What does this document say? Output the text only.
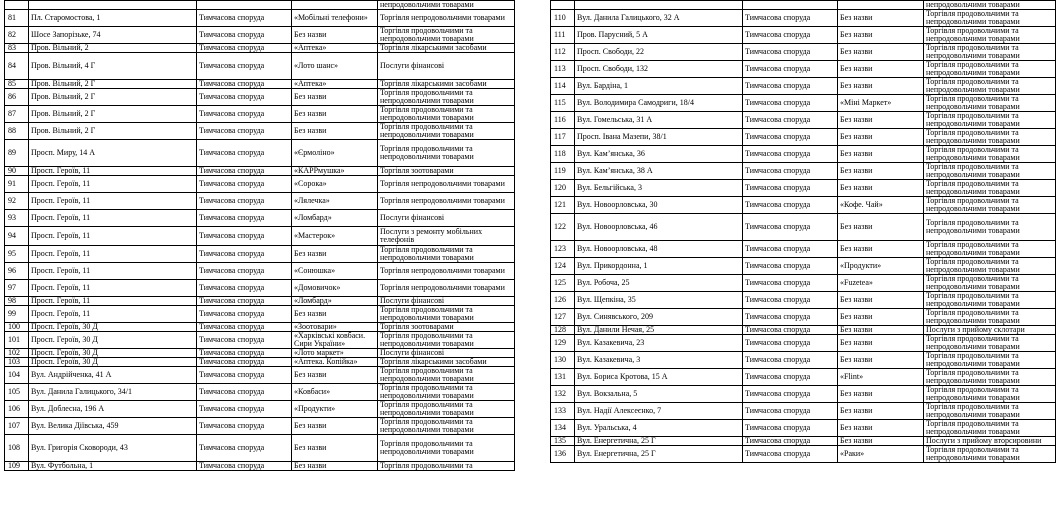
				непродовольчими товарами
81	Пл. Старомостова, 1	Тимчасова споруда	«Мобільні телефони»	Торгівля непродовольчими товарами
82	Шосе Запорізьке, 74	Тимчасова споруда	Без назви	Торгівля продовольчими та непродовольчими товарами
83	Пров. Вільний, 2	Тимчасова споруда	«Аптека»	Торгівля лікарськими засобами
84	Пров. Вільний, 4 Г	Тимчасова споруда	«Лото шанс»	Послуги фінансові
85	Пров. Вільний, 2 Г	Тимчасова споруда	«Аптека»	Торгівля лікарськими засобами
86	Пров. Вільний, 2 Г	Тимчасова споруда	Без назви	Торгівля продовольчими та непродовольчими товарами
87	Пров. Вільний, 2 Г	Тимчасова споруда	Без назви	Торгівля продовольчими та непродовольчими товарами
88	Пров. Вільний, 2 Г	Тимчасова споруда	Без назви	Торгівля продовольчими та непродовольчими товарами
89	Просп. Миру, 14 А	Тимчасова споруда	«Єрмоліно»	Торгівля продовольчими та непродовольчими товарами
90	Просп. Героїв, 11	Тимчасова споруда	«КАРРмушка»	Торгівля зоотоварами
91	Просп. Героїв, 11	Тимчасова споруда	«Сорока»	Торгівля непродовольчими товарами
92	Просп. Героїв, 11	Тимчасова споруда	«Лялечка»	Торгівля непродовольчими товарами
93	Просп. Героїв, 11	Тимчасова споруда	«Ломбард»	Послуги фінансові
94	Просп. Героїв, 11	Тимчасова споруда	«Мастерок»	Послуги з ремонту мобільних телефонів
95	Просп. Героїв, 11	Тимчасова споруда	Без назви	Торгівля продовольчими та непродовольчими товарами
96	Просп. Героїв, 11	Тимчасова споруда	«Сонюшка»	Торгівля непродовольчими товарами
97	Просп. Героїв, 11	Тимчасова споруда	«Домовичок»	Торгівля непродовольчими товарами
98	Просп. Героїв, 11	Тимчасова споруда	«Ломбард»	Послуги фінансові
99	Просп. Героїв, 11	Тимчасова споруда	Без назви	Торгівля продовольчими та непродовольчими товарами
100	Просп. Героїв, 30 Д	Тимчасова споруда	«Зоотовари»	Торгівля зоотоварами
101	Просп. Героїв, 30 Д	Тимчасова споруда	«Харківські ковбаси. Сири України»	Торгівля продовольчими та непродовольчими товарами
102	Просп. Героїв, 30 Д	Тимчасова споруда	«Лото маркет»	Послуги фінансові
103	Просп. Героїв, 30 Д	Тимчасова споруда	«Аптека. Копійка»	Торгівля лікарськими засобами
104	Вул. Андрійченка, 41 А	Тимчасова споруда	Без назви	Торгівля продовольчими та непродовольчими товарами
105	Вул. Данила Галицького, 34/1	Тимчасова споруда	«Ковбаси»	Торгівля продовольчими та непродовольчими товарами
106	Вул. Доблесна, 196 А	Тимчасова споруда	«Продукти»	Торгівля продовольчими та непродовольчими товарами
107	Вул. Велика Діївська, 459	Тимчасова споруда	Без назви	Торгівля продовольчими та непродовольчими товарами
108	Вул. Григорія Сковороди, 43	Тимчасова споруда	Без назви	Торгівля продовольчими та непродовольчими товарами
109	Вул. Футбольна, 1	Тимчасова споруда	Без назви	Торгівля продовольчими та
				непродовольчими товарами
110	Вул. Данила Галицького, 32 А	Тимчасова споруда	Без назви	Торгівля продовольчими та непродовольчими товарами
111	Пров. Парусний, 5 А	Тимчасова споруда	Без назви	Торгівля продовольчими та непродовольчими товарами
112	Просп. Свободи, 22	Тимчасова споруда	Без назви	Торгівля продовольчими та непродовольчими товарами
113	Просп. Свободи, 132	Тимчасова споруда	Без назви	Торгівля продовольчими та непродовольчими товарами
114	Вул. Бардіна, 1	Тимчасова споруда	Без назви	Торгівля продовольчими та непродовольчими товарами
115	Вул. Володимира Самодриги, 18/4	Тимчасова споруда	«Міні Маркет»	Торгівля продовольчими та непродовольчими товарами
116	Вул. Гомельська, 31 А	Тимчасова споруда	Без назви	Торгівля продовольчими та непродовольчими товарами
117	Просп. Івана Мазепи, 38/1	Тимчасова споруда	Без назви	Торгівля продовольчими та непродовольчими товарами
118	Вул. Кам’янська, 36	Тимчасова споруда	Без назви	Торгівля продовольчими та непродовольчими товарами
119	Вул. Кам’янська, 38 А	Тимчасова споруда	Без назви	Торгівля продовольчими та непродовольчими товарами
120	Вул. Бельгійська, 3	Тимчасова споруда	Без назви	Торгівля продовольчими та непродовольчими товарами
121	Вул. Новоорловська, 30	Тимчасова споруда	«Кофе. Чай»	Торгівля продовольчими та непродовольчими товарами
122	Вул. Новоорловська, 46	Тимчасова споруда	Без назви	Торгівля продовольчими та непродовольчими товарами
123	Вул. Новоорловська, 48	Тимчасова споруда	Без назви	Торгівля продовольчими та непродовольчими товарами
124	Вул. Прикордонна, 1	Тимчасова споруда	«Продукти»	Торгівля продовольчими та непродовольчими товарами
125	Вул. Робоча, 25	Тимчасова споруда	«Fuzetea»	Торгівля продовольчими та непродовольчими товарами
126	Вул. Щепкіна, 35	Тимчасова споруда	Без назви	Торгівля продовольчими та непродовольчими товарами
127	Вул. Синявського, 209	Тимчасова споруда	Без назви	Торгівля продовольчими та непродовольчими товарами
128	Вул. Данили Нечая, 25	Тимчасова споруда	Без назви	Послуги з прийому склотари
129	Вул. Казакевича, 23	Тимчасова споруда	Без назви	Торгівля продовольчими та непродовольчими товарами
130	Вул. Казакевича, 3	Тимчасова споруда	Без назви	Торгівля продовольчими та непродовольчими товарами
131	Вул. Бориса Кротова, 15 А	Тимчасова споруда	«Flint»	Торгівля продовольчими та непродовольчими товарами
132	Вул. Вокзальна, 5	Тимчасова споруда	Без назви	Торгівля продовольчими та непродовольчими товарами
133	Вул. Надії Алексеєнко, 7	Тимчасова споруда	Без назви	Торгівля продовольчими та непродовольчими товарами
134	Вул. Уральська, 4	Тимчасова споруда	Без назви	Торгівля продовольчими та непродовольчими товарами
135	Вул. Енергетична, 25 Г	Тимчасова споруда	Без назви	Послуги з прийому вторсировини
136	Вул. Енергетична, 25 Г	Тимчасова споруда	«Раки»	Торгівля продовольчими та непродовольчими товарами
